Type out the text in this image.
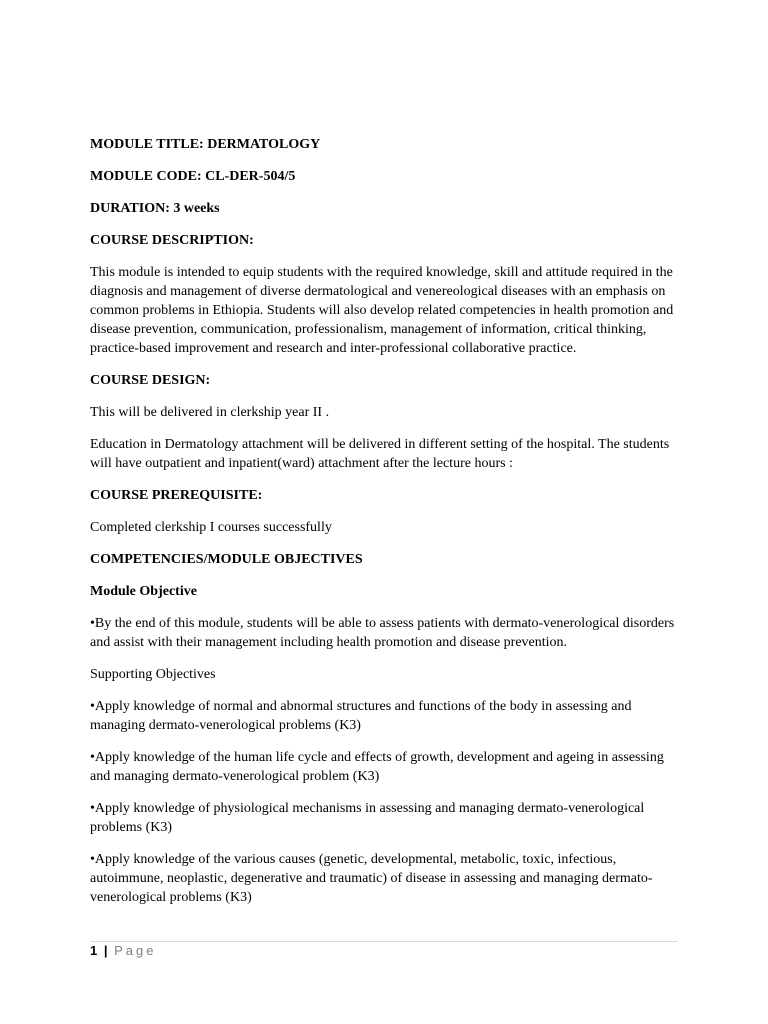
MODULE TITLE: DERMATOLOGY

MODULE CODE: CL-DER-504/5

DURATION: 3 weeks

COURSE DESCRIPTION:

This module is intended to equip students with the required knowledge, skill and attitude required in the diagnosis and management of diverse dermatological and venereological diseases with an emphasis on common problems in Ethiopia. Students will also develop related competencies in health promotion and disease prevention, communication, professionalism, management of information, critical thinking, practice-based improvement and research and inter-professional collaborative practice.

COURSE DESIGN:

This will be delivered in clerkship year II .

Education in Dermatology attachment will be delivered in different setting of the hospital. The students will have outpatient and inpatient(ward) attachment after the lecture hours :

COURSE PREREQUISITE:

Completed clerkship I courses successfully

COMPETENCIES/MODULE OBJECTIVES

Module Objective

•By the end of this module, students will be able to assess patients with dermato-venerological disorders and assist with their management including health promotion and disease prevention.

Supporting Objectives

•Apply knowledge of normal and abnormal structures and functions of the body in assessing and managing dermato-venerological problems (K3)

•Apply knowledge of the human life cycle and effects of growth, development and ageing in assessing and managing dermato-venerological problem (K3)

•Apply knowledge of physiological mechanisms in assessing and managing dermato-venerological problems (K3)

•Apply knowledge of the various causes (genetic, developmental, metabolic, toxic, infectious, autoimmune, neoplastic, degenerative and traumatic) of disease in assessing and managing dermato-venerological problems (K3)

1 | Page
